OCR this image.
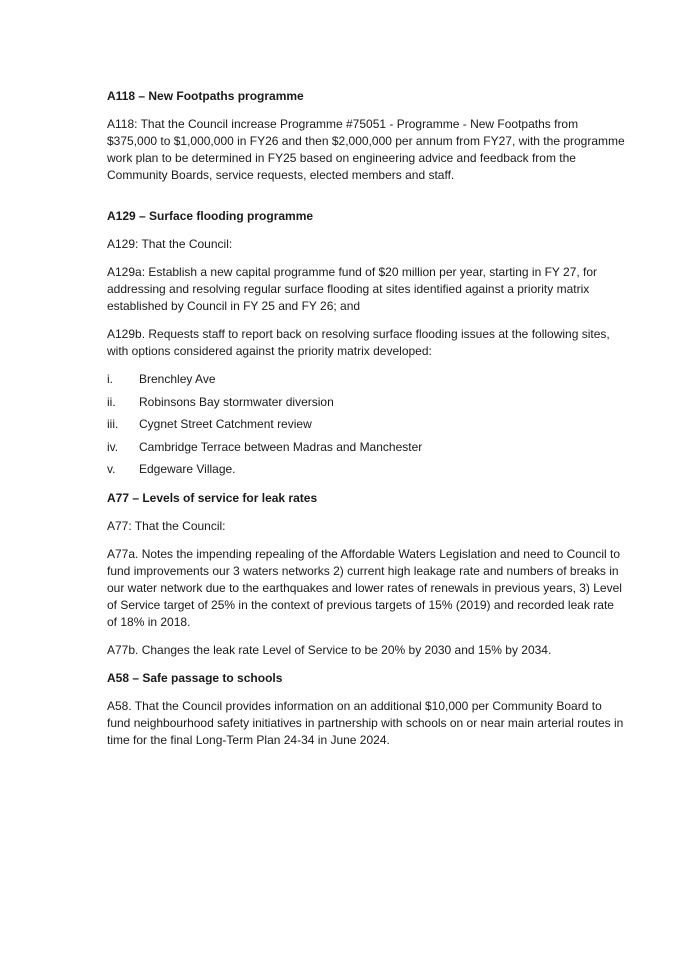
A118 – New Footpaths programme
A118: That the Council increase Programme #75051 - Programme - New Footpaths from $375,000 to $1,000,000 in FY26 and then $2,000,000 per annum from FY27, with the programme work plan to be determined in FY25 based on engineering advice and feedback from the Community Boards, service requests, elected members and staff.
A129 – Surface flooding programme
A129: That the Council:
A129a: Establish a new capital programme fund of $20 million per year, starting in FY 27, for addressing and resolving regular surface flooding at sites identified against a priority matrix established by Council in FY 25 and FY 26; and
A129b. Requests staff to report back on resolving surface flooding issues at the following sites, with options considered against the priority matrix developed:
i.	Brenchley Ave
ii.	Robinsons Bay stormwater diversion
iii.	Cygnet Street Catchment review
iv.	Cambridge Terrace between Madras and Manchester
v.	Edgeware Village.
A77 – Levels of service for leak rates
A77: That the Council:
A77a. Notes the impending repealing of the Affordable Waters Legislation and need to Council to fund improvements our 3 waters networks 2) current high leakage rate and numbers of breaks in our water network due to the earthquakes and lower rates of renewals in previous years, 3) Level of Service target of 25% in the context of previous targets of 15% (2019) and recorded leak rate of 18% in 2018.
A77b. Changes the leak rate Level of Service to be 20% by 2030 and 15% by 2034.
A58 – Safe passage to schools
A58. That the Council provides information on an additional $10,000 per Community Board to fund neighbourhood safety initiatives in partnership with schools on or near main arterial routes in time for the final Long-Term Plan 24-34 in June 2024.
